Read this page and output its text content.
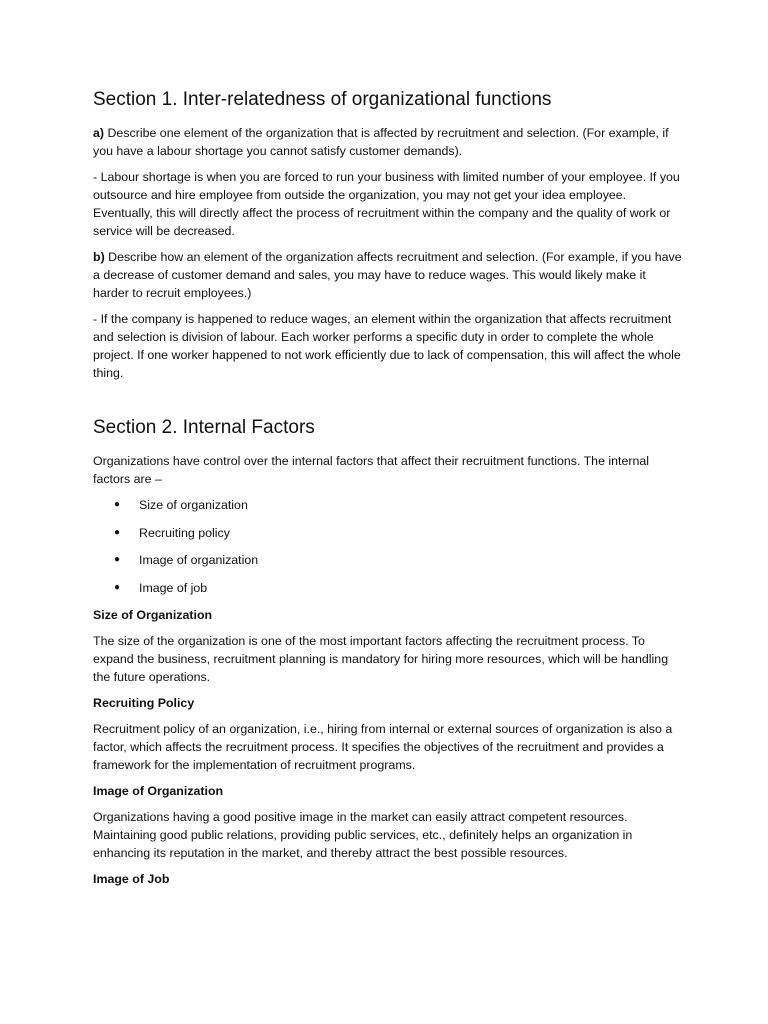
Section 1. Inter-relatedness of organizational functions

a) Describe one element of the organization that is affected by recruitment and selection. (For example, if you have a labour shortage you cannot satisfy customer demands).

- Labour shortage is when you are forced to run your business with limited number of your employee. If you outsource and hire employee from outside the organization, you may not get your idea employee. Eventually, this will directly affect the process of recruitment within the company and the quality of work or service will be decreased.

b) Describe how an element of the organization affects recruitment and selection. (For example, if you have a decrease of customer demand and sales, you may have to reduce wages. This would likely make it harder to recruit employees.)

- If the company is happened to reduce wages, an element within the organization that affects recruitment and selection is division of labour. Each worker performs a specific duty in order to complete the whole project. If one worker happened to not work efficiently due to lack of compensation, this will affect the whole thing.

Section 2. Internal Factors

Organizations have control over the internal factors that affect their recruitment functions. The internal factors are –

● Size of organization
● Recruiting policy
● Image of organization
● Image of job
Size of Organization

The size of the organization is one of the most important factors affecting the recruitment process. To expand the business, recruitment planning is mandatory for hiring more resources, which will be handling the future operations.

Recruiting Policy

Recruitment policy of an organization, i.e., hiring from internal or external sources of organization is also a factor, which affects the recruitment process. It specifies the objectives of the recruitment and provides a framework for the implementation of recruitment programs.

Image of Organization

Organizations having a good positive image in the market can easily attract competent resources. Maintaining good public relations, providing public services, etc., definitely helps an organization in enhancing its reputation in the market, and thereby attract the best possible resources.

Image of Job
